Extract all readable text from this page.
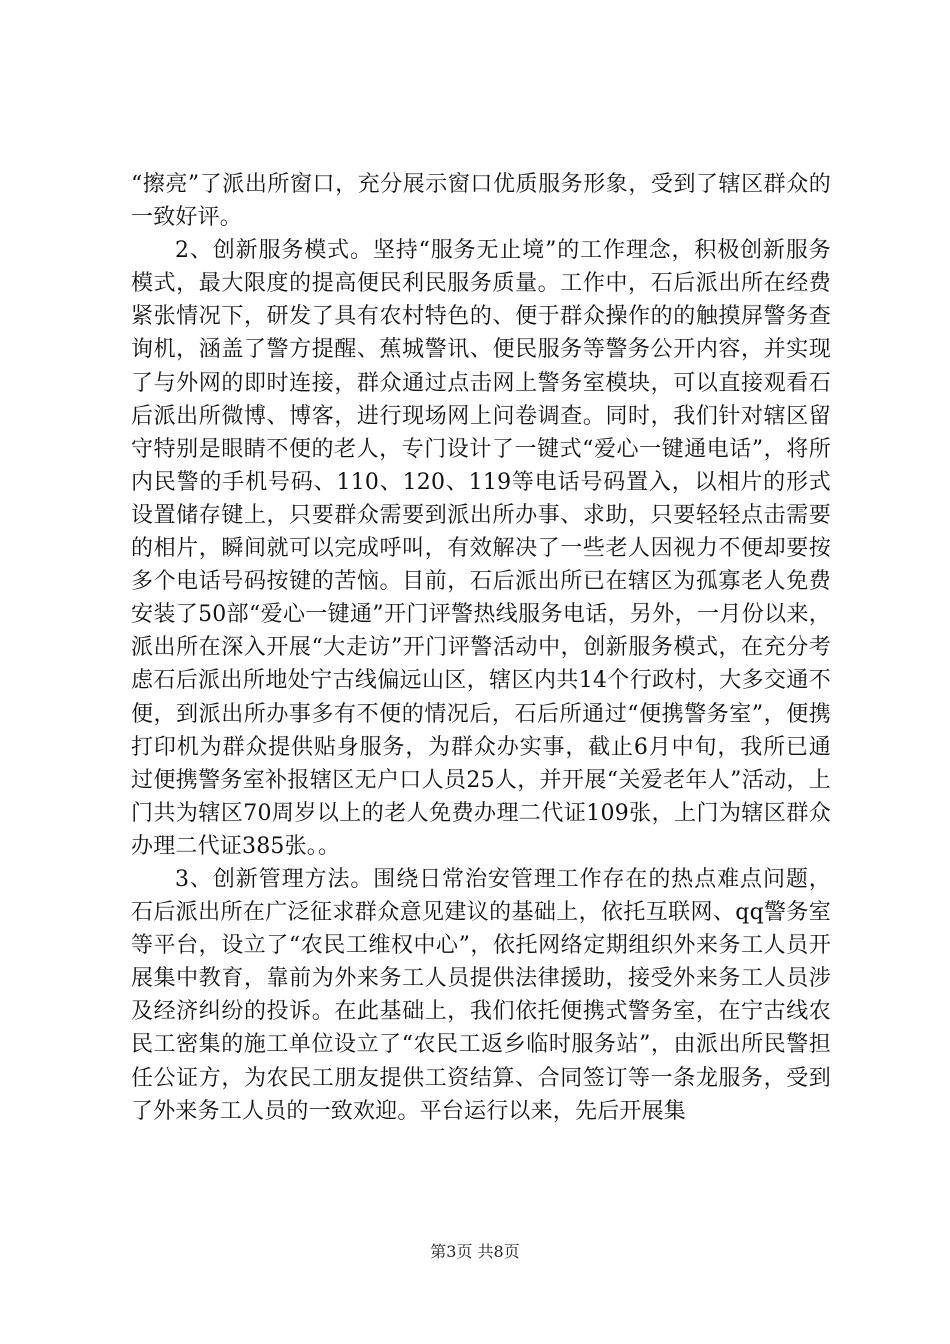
“擦亮”了派出所窗口，充分展示窗口优质服务形象，受到了辖区群众的一致好评。

2、创新服务模式。坚持“服务无止境”的工作理念，积极创新服务模式，最大限度的提高便民利民服务质量。工作中，石后派出所在经费紧张情况下，研发了具有农村特色的、便于群众操作的的触摸屏警务查询机，涵盖了警方提醒、蕉城警讯、便民服务等警务公开内容，并实现了与外网的即时连接，群众通过点击网上警务室模块，可以直接观看石后派出所微博、博客，进行现场网上问卷调查。同时，我们针对辖区留守特别是眼睛不便的老人，专门设计了一键式“爱心一键通电话”，将所内民警的手机号码、110、120、119等电话号码置入，以相片的形式设置储存键上，只要群众需要到派出所办事、求助，只要轻轻点击需要的相片，瞬间就可以完成呼叫，有效解决了一些老人因视力不便却要按多个电话号码按键的苦恼。目前，石后派出所已在辖区为孤寡老人免费安装了50部“爱心一键通”开门评警热线服务电话，另外，一月份以来，派出所在深入开展“大走访”开门评警活动中，创新服务模式，在充分考虑石后派出所地处宁古线偏远山区，辖区内共14个行政村，大多交通不便，到派出所办事多有不便的情况后，石后所通过“便携警务室”，便携打印机为群众提供贴身服务，为群众办实事，截止6月中旬，我所已通过便携警务室补报辖区无户口人员25人，并开展“关爱老年人”活动，上门共为辖区70周岁以上的老人免费办理二代证109张，上门为辖区群众办理二代证385张。。

3、创新管理方法。围绕日常治安管理工作存在的热点难点问题，石后派出所在广泛征求群众意见建议的基础上，依托互联网、qq警务室等平台，设立了“农民工维权中心”，依托网络定期组织外来务工人员开展集中教育，靠前为外来务工人员提供法律援助，接受外来务工人员涉及经济纠纷的投诉。在此基础上，我们依托便携式警务室，在宁古线农民工密集的施工单位设立了“农民工返乡临时服务站”，由派出所民警担任公证方，为农民工朋友提供工资结算、合同签订等一条龙服务，受到了外来务工人员的一致欢迎。平台运行以来，先后开展集

第3页 共8页
